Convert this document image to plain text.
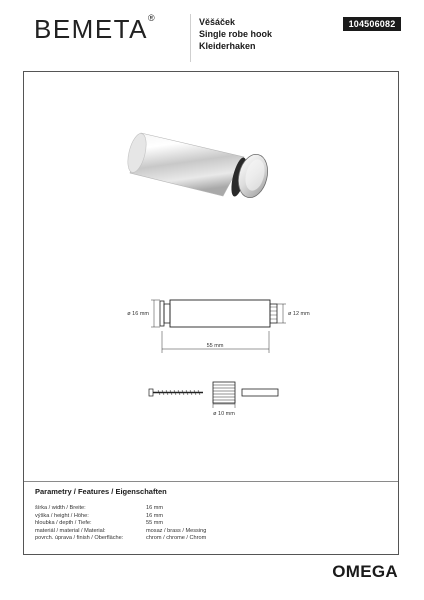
BEMETA®	Věšáček
Single robe hook
Kleiderhaken
104506082
ø 16 mm	ø 12 mm
55 mm
ø 10 mm
Parametry / Features / Eigenschaften
šírka / width / Breite:	16 mm
výška / height / Höhe:	16 mm
hloubka / depth / Tiefe:	55 mm
materiál / material / Material:	mosaz / brass / Messing
povrch. úprava / finish / Oberfläche:	chrom / chrome / Chrom
OMEGA
